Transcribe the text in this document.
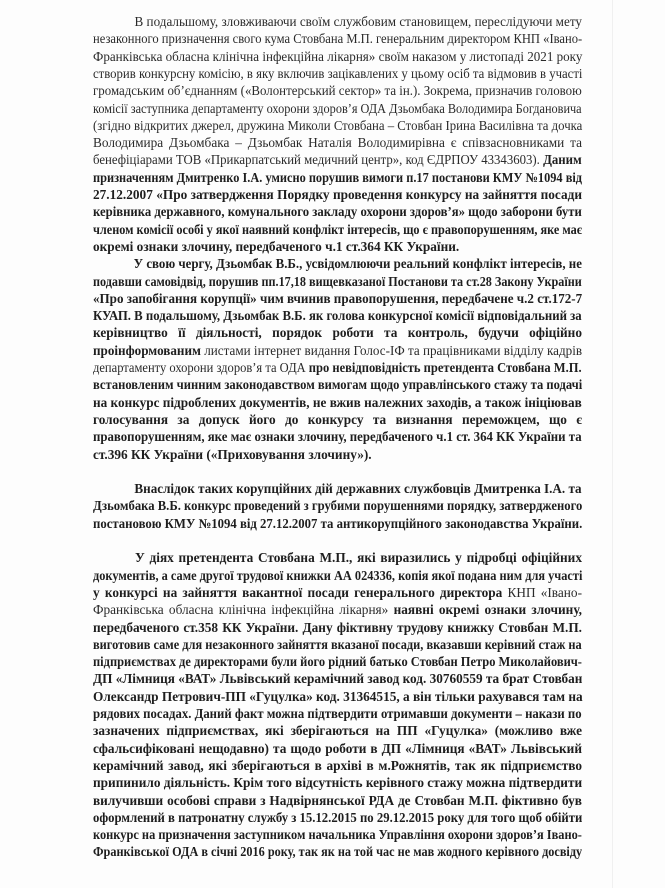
В подальшому, зловживаючи своїм службовим становищем, переслідуючи мету
незаконного призначення свого кума Стовбана М.П. генеральним директором КНП «Івано-
Франківська обласна клінічна інфекційна лікарня» своїм наказом у листопаді 2021 року
створив конкурсну комісію, в яку включив зацікавлених у цьому осіб та відмовив в участі
громадським об’єднанням («Волонтерський сектор» та ін.). Зокрема, призначив головою
комісії заступника департаменту охорони здоров’я ОДА Дзьомбака Володимира Богдановича
(згідно відкритих джерел, дружина Миколи Стовбана – Стовбан Ірина Василівна та дочка
Володимира Дзьомбака – Дзьомбак Наталія Володимирівна є співзасновниками та
бенефіціарами ТОВ «Прикарпатський медичний центр», код ЄДРПОУ 43343603). Даним
призначенням Дмитренко І.А. умисно порушив вимоги п.17 постанови КМУ №1094 від
27.12.2007 «Про затвердження Порядку проведення конкурсу на зайняття посади
керівника державного, комунального закладу охорони здоров’я» щодо заборони бути
членом комісії особі у якої наявний конфлікт інтересів, що є правопорушенням, яке має
окремі ознаки злочину, передбаченого ч.1 ст.364 КК України.
У свою чергу, Дзьомбак В.Б., усвідомлюючи реальний конфлікт інтересів, не
подавши самовідвід, порушив пп.17,18 вищевказаної Постанови та ст.28 Закону України
«Про запобігання корупції» чим вчинив правопорушення, передбачене ч.2 ст.172-7
КУАП. В подальшому, Дзьомбак В.Б. як голова конкурсної комісії відповідальний за
керівництво її діяльності, порядок роботи та контроль, будучи офіційно
проінформованим листами інтернет видання Голос-ІФ та працівниками відділу кадрів
департаменту охорони здоров’я та ОДА про невідповідність претендента Стовбана М.П.
встановленим чинним законодавством вимогам щодо управлінського стажу та подачі
на конкурс підроблених документів, не вжив належних заходів, а також ініціював
голосування за допуск його до конкурсу та визнання переможцем, що є
правопорушенням, яке має ознаки злочину, передбаченого ч.1 ст. 364 КК України та
ст.396 КК України («Приховування злочину»).
Внаслідок таких корупційних дій державних службовців Дмитренка І.А. та
Дзьомбака В.Б. конкурс проведений з грубими порушеннями порядку, затвердженого
постановою КМУ №1094 від 27.12.2007 та антикорупційного законодавства України.
У діях претендента Стовбана М.П., які виразились у підробці офіційних
документів, а саме другої трудової книжки АА 024336, копія якої подана ним для участі
у конкурсі на зайняття вакантної посади генерального директора КНП «Івано-
Франківська обласна клінічна інфекційна лікарня» наявні окремі ознаки злочину,
передбаченого ст.358 КК України. Дану фіктивну трудову книжку Стовбан М.П.
виготовив саме для незаконного зайняття вказаної посади, вказавши керівний стаж на
підприємствах де директорами були його рідний батько Стовбан Петро Миколайович-
ДП «Лімниця «ВАТ» Львівський керамічний завод код. 30760559 та брат Стовбан
Олександр Петрович-ПП «Гуцулка» код. 31364515, а він тільки рахувався там на
рядових посадах. Даний факт можна підтвердити отримавши документи – накази по
зазначених підприємствах, які зберігаються на ПП «Гуцулка» (можливо вже
сфальсифіковані нещодавно) та щодо роботи в ДП «Лімниця «ВАТ» Львівський
керамічний завод, які зберігаються в архіві в м.Рожнятів, так як підприємство
припинило діяльність. Крім того відсутність керівного стажу можна підтвердити
вилучивши особові справи з Надвірнянської РДА де Стовбан М.П. фіктивно був
оформлений в патронатну службу з 15.12.2015 по 29.12.2015 року для того щоб обійти
конкурс на призначення заступником начальника Управління охорони здоров’я Івано-
Франківської ОДА в січні 2016 року, так як на той час не мав жодного керівного досвіду
